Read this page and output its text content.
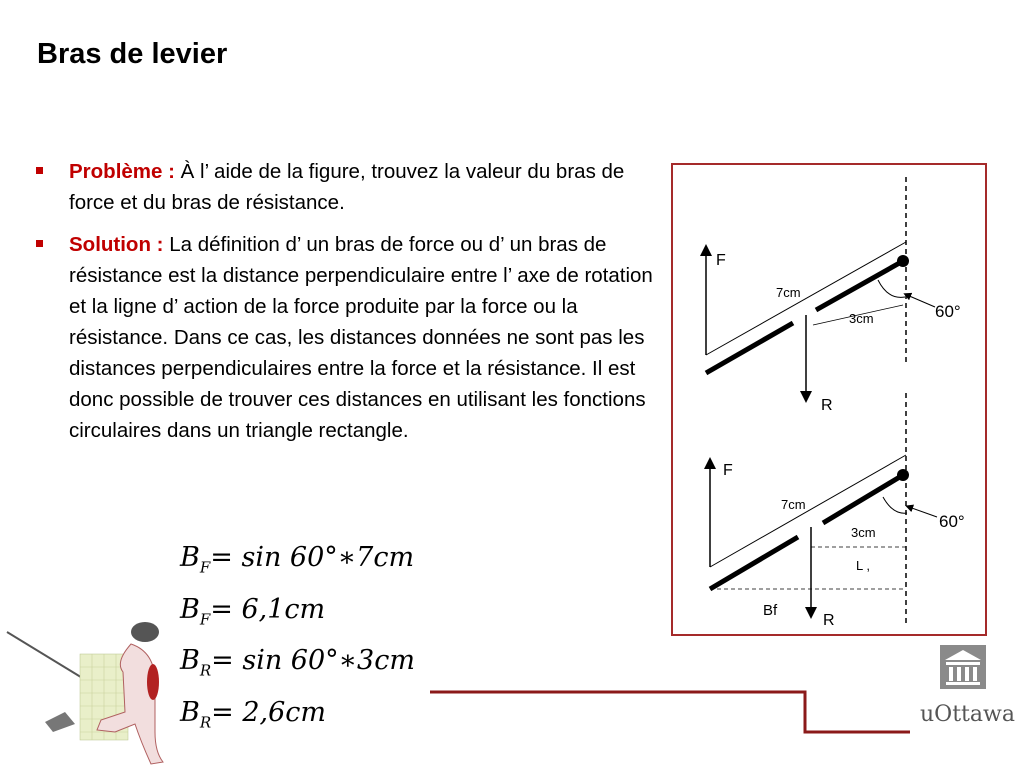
Bras de levier
Problème : À l’ aide de la figure, trouvez la valeur du bras de force et du bras de résistance.
Solution : La définition d’ un bras de force ou d’ un bras de résistance est la distance perpendiculaire entre l’ axe de rotation et la ligne d’ action de la force produite par la force ou la résistance. Dans ce cas, les distances données ne sont pas les distances perpendiculaires entre la force et la résistance. Il est donc possible de trouver ces distances en utilisant les fonctions circulaires dans un triangle rectangle.
$B_F= \sin$ 60°∗7cm
$B_F= 6,1cm$
$B_R= \sin$ 60°∗3cm
$B_R= 2,6cm$
F
R
7cm
3cm	60°
F
R
7cm
3cm
60°
L ,
Bf
uOttawa
